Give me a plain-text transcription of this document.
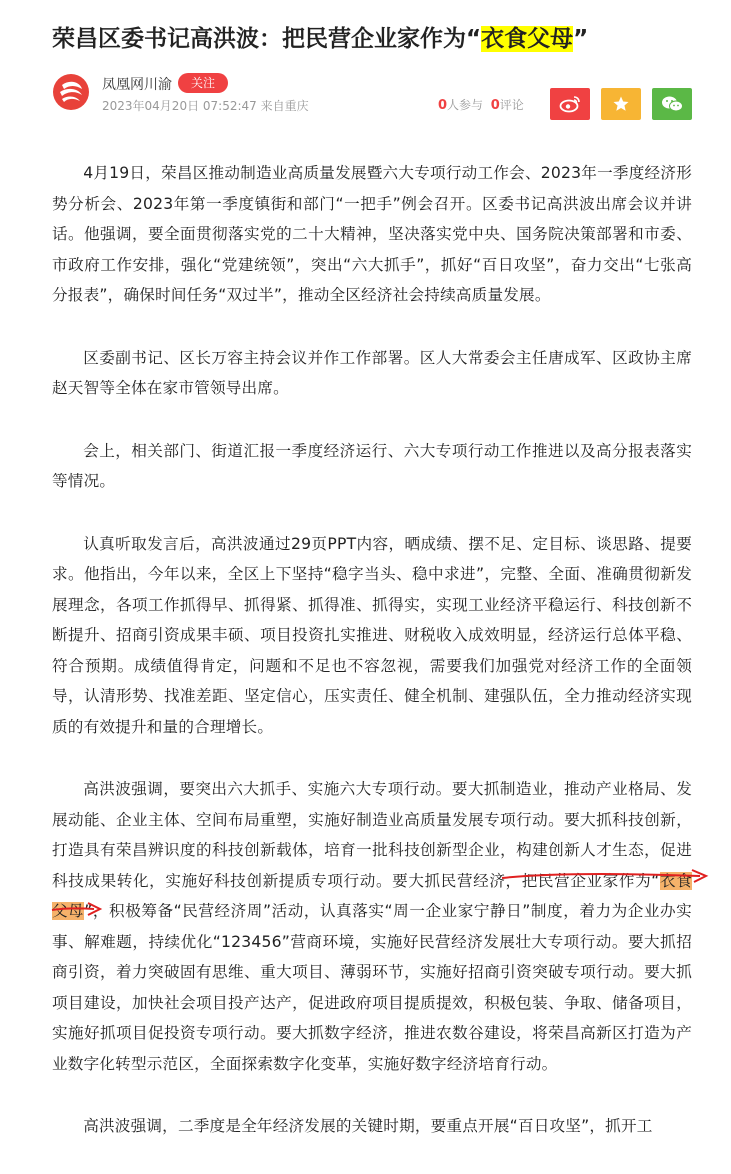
荣昌区委书记高洪波：把民营企业家作为“衣食父母”
凤凰网川渝	关注
2023年04月20日 07:52:47 来自重庆	0人参与 0评论

4月19日，荣昌区推动制造业高质量发展暨六大专项行动工作会、2023年一季度经济形势分析会、2023年第一季度镇街和部门“一把手”例会召开。区委书记高洪波出席会议并讲话。他强调，要全面贯彻落实党的二十大精神，坚决落实党中央、国务院决策部署和市委、市政府工作安排，强化“党建统领”，突出“六大抓手”，抓好“百日攻坚”，奋力交出“七张高分报表”，确保时间任务“双过半”，推动全区经济社会持续高质量发展。

区委副书记、区长万容主持会议并作工作部署。区人大常委会主任唐成军、区政协主席赵天智等全体在家市管领导出席。

会上，相关部门、街道汇报一季度经济运行、六大专项行动工作推进以及高分报表落实等情况。

认真听取发言后，高洪波通过29页PPT内容，晒成绩、摆不足、定目标、谈思路、提要求。他指出，今年以来，全区上下坚持“稳字当头、稳中求进”，完整、全面、准确贯彻新发展理念，各项工作抓得早、抓得紧、抓得准、抓得实，实现工业经济平稳运行、科技创新不断提升、招商引资成果丰硕、项目投资扎实推进、财税收入成效明显，经济运行总体平稳、符合预期。成绩值得肯定，问题和不足也不容忽视，需要我们加强党对经济工作的全面领导，认清形势、找准差距、坚定信心，压实责任、健全机制、建强队伍，全力推动经济实现质的有效提升和量的合理增长。

高洪波强调，要突出六大抓手、实施六大专项行动。要大抓制造业，推动产业格局、发展动能、企业主体、空间布局重塑，实施好制造业高质量发展专项行动。要大抓科技创新，打造具有荣昌辨识度的科技创新载体，培育一批科技创新型企业，构建创新人才生态，促进科技成果转化，实施好科技创新提质专项行动。要大抓民营经济，把民营企业家作为“衣食父母”，积极筹备“民营经济周”活动，认真落实“周一企业家宁静日”制度，着力为企业办实事、解难题，持续优化“123456”营商环境，实施好民营经济发展壮大专项行动。要大抓招商引资，着力突破固有思维、重大项目、薄弱环节，实施好招商引资突破专项行动。要大抓项目建设，加快社会项目投产达产，促进政府项目提质提效，积极包装、争取、储备项目，实施好抓项目促投资专项行动。要大抓数字经济，推进农数谷建设，将荣昌高新区打造为产业数字化转型示范区，全面探索数字化变革，实施好数字经济培育行动。

高洪波强调，二季度是全年经济发展的关键时期，要重点开展“百日攻坚”，抓开工
